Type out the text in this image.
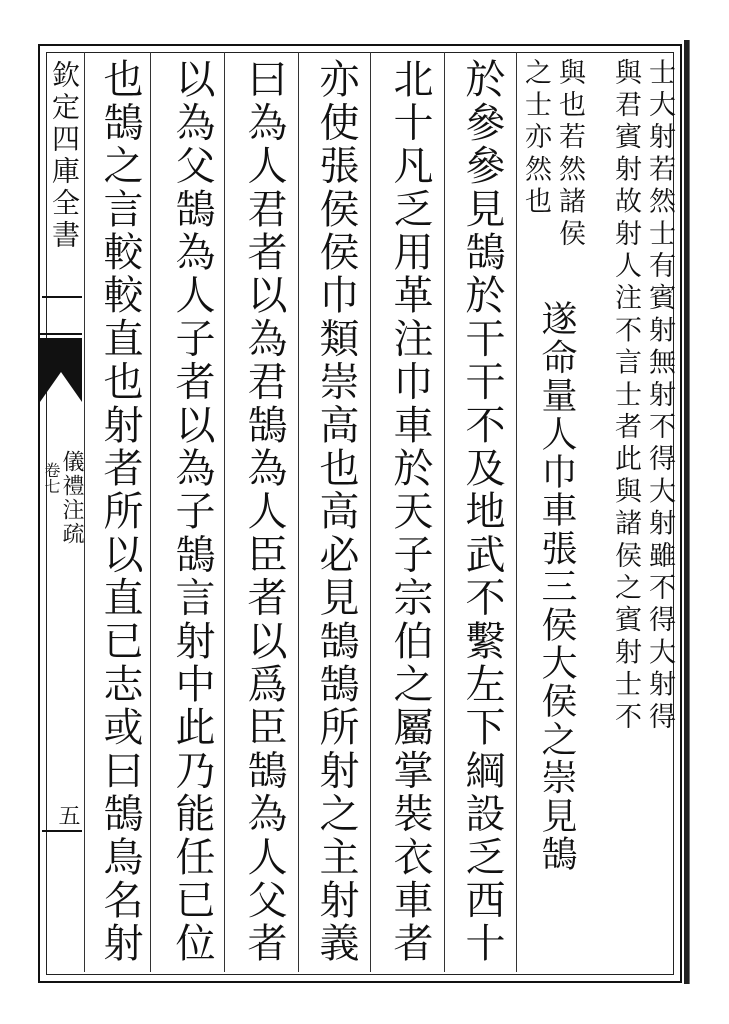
欽定四庫全書
儀禮注疏
卷七
五
士大射若然士有賓射無射不得大射雖不得大射得
與君賓射故射人注不言士者此與諸侯之賓射士不
與也若然諸侯
之士亦然也
遂命量人巾車張三侯大侯之崇見鵠
於參參見鵠於干干不及地武不繫左下綱設乏西十
北十凡乏用革注巾車於天子宗伯之屬掌裝衣車者
亦使張侯侯巾類崇高也高必見鵠鵠所射之主射義
曰為人君者以為君鵠為人臣者以爲臣鵠為人父者
以為父鵠為人子者以為子鵠言射中此乃能任已位
也鵠之言較較直也射者所以直已志或曰鵠鳥名射
